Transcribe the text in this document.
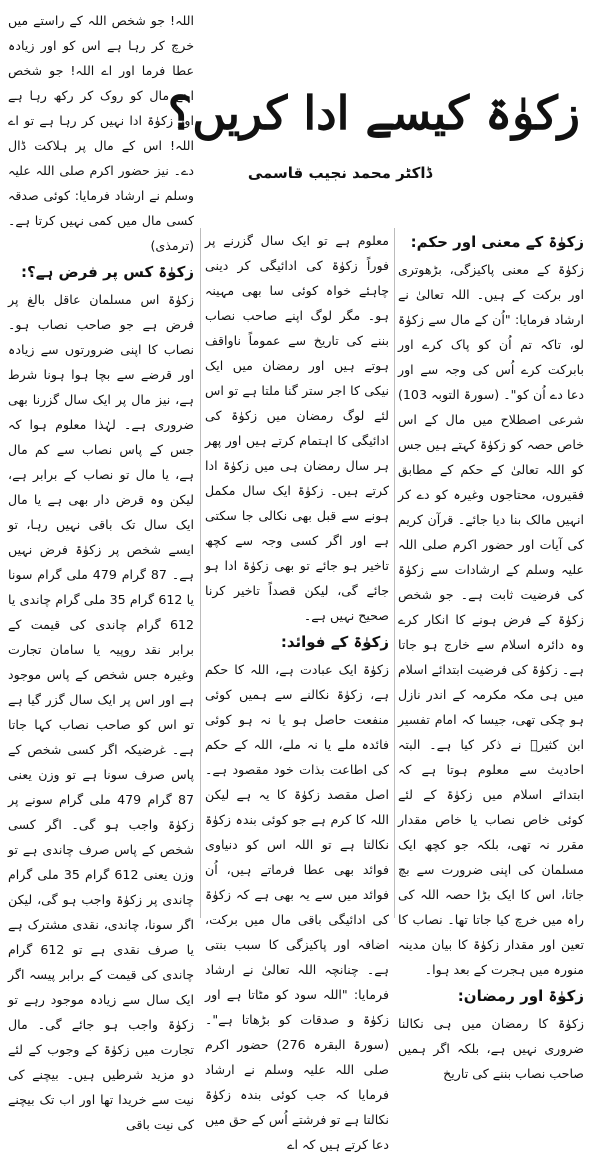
زکوٰۃ کیسے ادا کریں؟
ڈاکٹر محمد نجیب قاسمی
زکوٰۃ کے معنی اور حکم:

زکوٰۃ کے معنی پاکیزگی، بڑھوتری اور برکت کے ہیں۔ اللہ تعالیٰ نے ارشاد فرمایا: "اُن کے مال سے زکوٰۃ لو، تاکہ تم اُن کو پاک کرے اور بابرکت کرے اُس کی وجہ سے اور دعا دے اُن کو"۔ (سورۃ التوبہ 103) شرعی اصطلاح میں مال کے اس خاص حصہ کو زکوٰۃ کہتے ہیں جس کو اللہ تعالیٰ کے حکم کے مطابق فقیروں، محتاجوں وغیرہ کو دے کر انہیں مالک بنا دیا جائے۔ قرآن کریم کی آیات اور حضور اکرم صلی اللہ علیہ وسلم کے ارشادات سے زکوٰۃ کی فرضیت ثابت ہے۔ جو شخص زکوٰۃ کے فرض ہونے کا انکار کرے وہ دائرہ اسلام سے خارج ہو جاتا ہے۔ زکوٰۃ کی فرضیت ابتدائے اسلام میں ہی مکہ مکرمہ کے اندر نازل ہو چکی تھی، جیسا کہ امام تفسیر ابن کثیرؒ نے ذکر کیا ہے۔ البتہ احادیث سے معلوم ہوتا ہے کہ ابتدائے اسلام میں زکوٰۃ کے لئے کوئی خاص نصاب یا خاص مقدار مقرر نہ تھی، بلکہ جو کچھ ایک مسلمان کی اپنی ضرورت سے بچ جاتا، اس کا ایک بڑا حصہ اللہ کی راہ میں خرچ کیا جاتا تھا۔ نصاب کا تعین اور مقدار زکوٰۃ کا بیان مدینہ منورہ میں ہجرت کے بعد ہوا۔

زکوٰۃ اور رمضان:

زکوٰۃ کا رمضان میں ہی نکالنا ضروری نہیں ہے، بلکہ اگر ہمیں صاحب نصاب بننے کی تاریخ

معلوم ہے تو ایک سال گزرنے پر فوراً زکوٰۃ کی ادائیگی کر دینی چاہئے خواہ کوئی سا بھی مہینہ ہو۔ مگر لوگ اپنے صاحب نصاب بننے کی تاریخ سے عموماً ناواقف ہوتے ہیں اور رمضان میں ایک نیکی کا اجر ستر گنا ملتا ہے تو اس لئے لوگ رمضان میں زکوٰۃ کی ادائیگی کا اہتمام کرتے ہیں اور پھر ہر سال رمضان ہی میں زکوٰۃ ادا کرتے ہیں۔ زکوٰۃ ایک سال مکمل ہونے سے قبل بھی نکالی جا سکتی ہے اور اگر کسی وجہ سے کچھ تاخیر ہو جائے تو بھی زکوٰۃ ادا ہو جائے گی، لیکن قصداً تاخیر کرنا صحیح نہیں ہے۔

زکوٰۃ کے فوائد:

زکوٰۃ ایک عبادت ہے، اللہ کا حکم ہے، زکوٰۃ نکالنے سے ہمیں کوئی منفعت حاصل ہو یا نہ ہو کوئی فائدہ ملے یا نہ ملے، اللہ کے حکم کی اطاعت بذات خود مقصود ہے۔ اصل مقصد زکوٰۃ کا یہ ہے لیکن اللہ کا کرم ہے جو کوئی بندہ زکوٰۃ نکالتا ہے تو اللہ اس کو دنیاوی فوائد بھی عطا فرماتے ہیں، اُن فوائد میں سے یہ بھی ہے کہ زکوٰۃ کی ادائیگی باقی مال میں برکت، اضافہ اور پاکیزگی کا سبب بنتی ہے۔ چنانچہ اللہ تعالیٰ نے ارشاد فرمایا: "اللہ سود کو مٹاتا ہے اور زکوٰۃ و صدقات کو بڑھاتا ہے"۔ (سورۃ البقرہ 276) حضور اکرم صلی اللہ علیہ وسلم نے ارشاد فرمایا کہ جب کوئی بندہ زکوٰۃ نکالتا ہے تو فرشتے اُس کے حق میں دعا کرتے ہیں کہ اے

اللہ! جو شخص اللہ کے راستے میں خرچ کر رہا ہے اس کو اور زیادہ عطا فرما اور اے اللہ! جو شخص اپنے مال کو روک کر رکھ رہا ہے اور زکوٰۃ ادا نہیں کر رہا ہے تو اے اللہ! اس کے مال پر ہلاکت ڈال دے۔ نیز حضور اکرم صلی اللہ علیہ وسلم نے ارشاد فرمایا: کوئی صدقہ کسی مال میں کمی نہیں کرتا ہے۔ (ترمذی)

زکوٰۃ کس پر فرض ہے؟:

زکوٰۃ اس مسلمان عاقل بالغ پر فرض ہے جو صاحب نصاب ہو۔ نصاب کا اپنی ضرورتوں سے زیادہ اور قرضے سے بچا ہوا ہونا شرط ہے، نیز مال پر ایک سال گزرنا بھی ضروری ہے۔ لہٰذا معلوم ہوا کہ جس کے پاس نصاب سے کم مال ہے، یا مال تو نصاب کے برابر ہے، لیکن وہ قرض دار بھی ہے یا مال ایک سال تک باقی نہیں رہا، تو ایسے شخص پر زکوٰۃ فرض نہیں ہے۔ 87 گرام 479 ملی گرام سونا یا 612 گرام 35 ملی گرام چاندی یا 612 گرام چاندی کی قیمت کے برابر نقد روپیہ یا سامان تجارت وغیرہ جس شخص کے پاس موجود ہے اور اس پر ایک سال گزر گیا ہے تو اس کو صاحب نصاب کہا جاتا ہے۔ غرضیکہ اگر کسی شخص کے پاس صرف سونا ہے تو وزن یعنی 87 گرام 479 ملی گرام سونے پر زکوٰۃ واجب ہو گی۔ اگر کسی شخص کے پاس صرف چاندی ہے تو وزن یعنی 612 گرام 35 ملی گرام چاندی پر زکوٰۃ واجب ہو گی، لیکن اگر سونا، چاندی، نقدی مشترک ہے یا صرف نقدی ہے تو 612 گرام چاندی کی قیمت کے برابر پیسہ اگر ایک سال سے زیادہ موجود رہے تو زکوٰۃ واجب ہو جائے گی۔ مال تجارت میں زکوٰۃ کے وجوب کے لئے دو مزید شرطیں ہیں۔ بیچنے کی نیت سے خریدا تھا اور اب تک بیچنے کی نیت باقی
